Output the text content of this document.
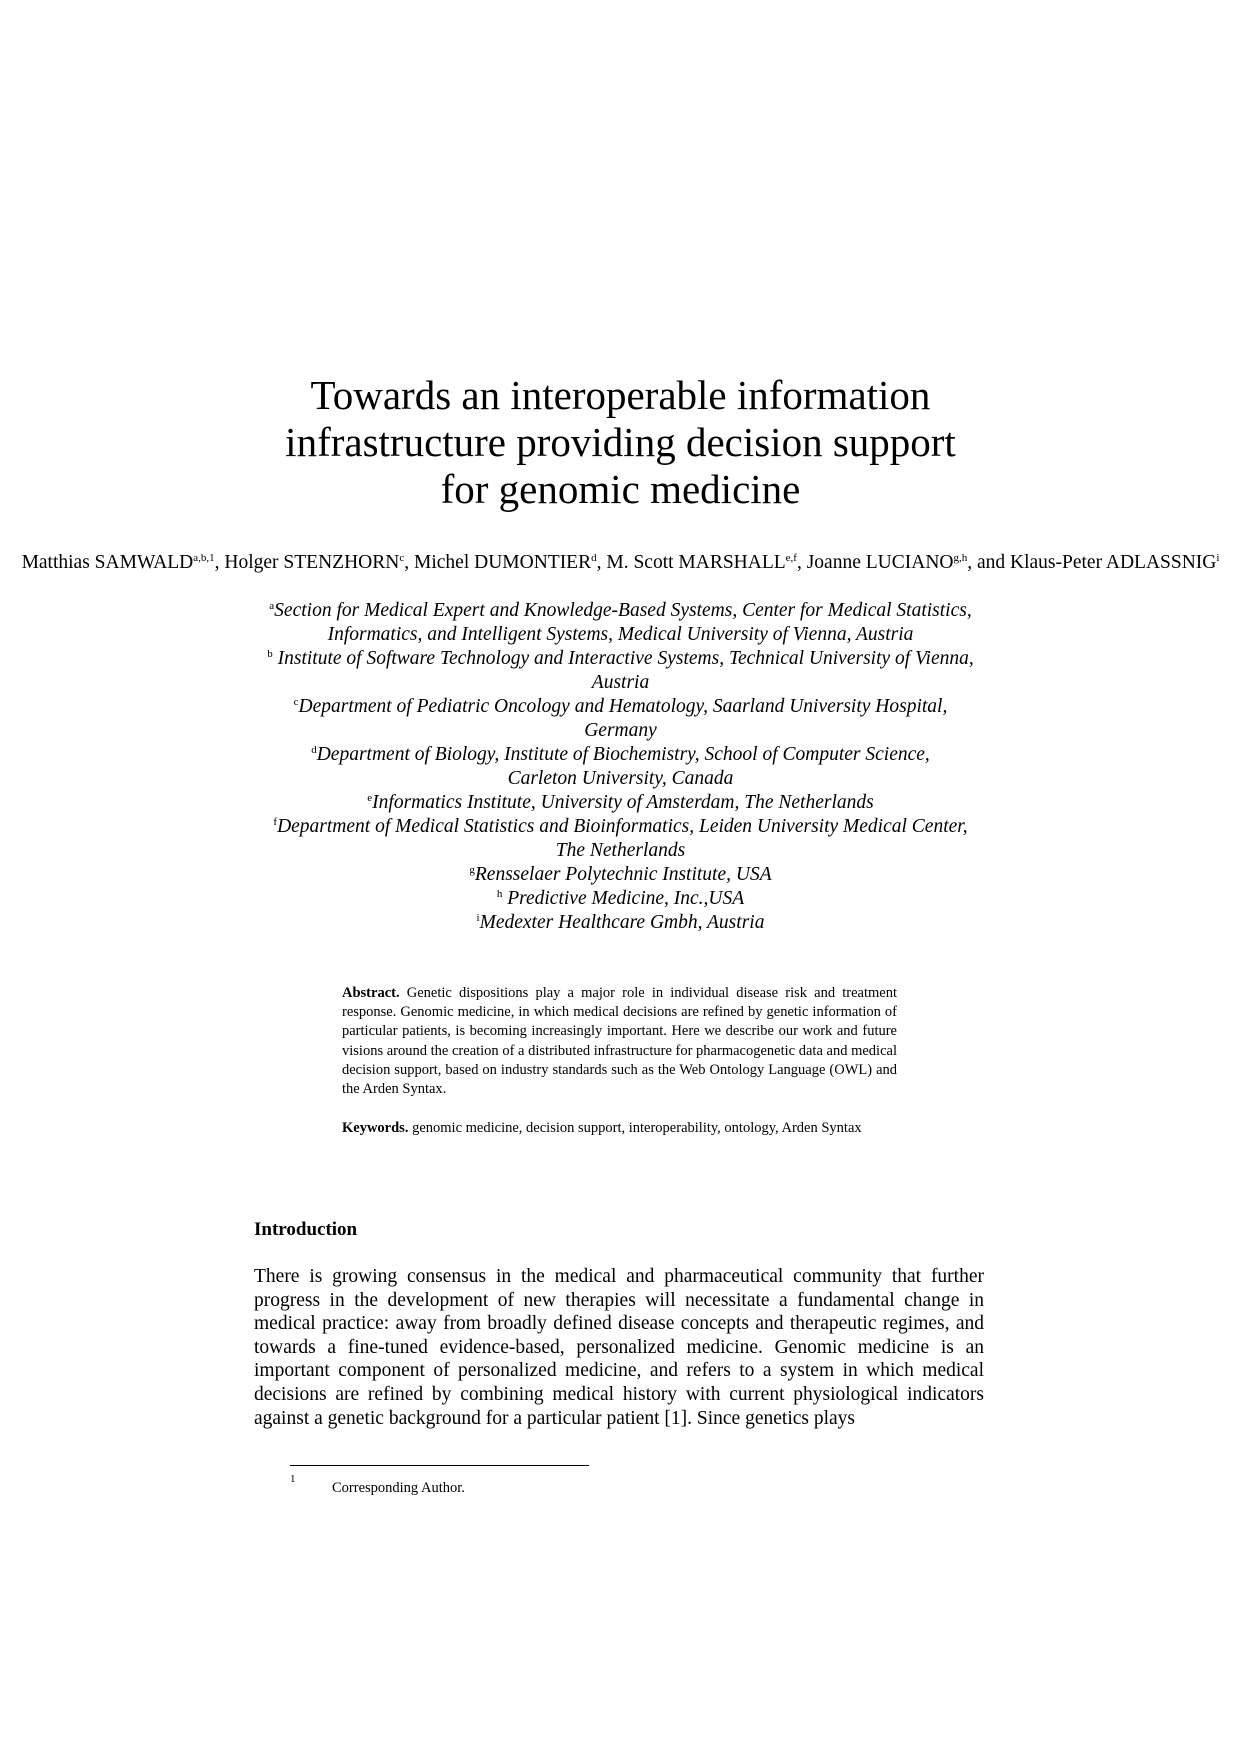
Towards an interoperable information
infrastructure providing decision support
for genomic medicine
Matthias SAMWALD$^{a,b,1}$, Holger STENZHORN$^c$, Michel DUMONTIER$^d$, M. Scott MARSHALL$^{e,f}$, Joanne LUCIANO$^{g,h}$, and Klaus-Peter ADLASSNIG$^i$
$^a$Section for Medical Expert and Knowledge-Based Systems, Center for Medical Statistics, Informatics, and Intelligent Systems, Medical University of Vienna, Austria
$^b$ Institute of Software Technology and Interactive Systems, Technical University of Vienna, Austria
$^c$Department of Pediatric Oncology and Hematology, Saarland University Hospital, Germany
$^d$Department of Biology, Institute of Biochemistry, School of Computer Science, Carleton University, Canada
$^e$Informatics Institute, University of Amsterdam, The Netherlands
$^f$Department of Medical Statistics and Bioinformatics, Leiden University Medical Center, The Netherlands
$^g$Rensselaer Polytechnic Institute, USA
$^h$ Predictive Medicine, Inc.,USA
$^i$Medexter Healthcare Gmbh, Austria

Abstract. Genetic dispositions play a major role in individual disease risk and treatment response. Genomic medicine, in which medical decisions are refined by genetic information of particular patients, is becoming increasingly important. Here we describe our work and future visions around the creation of a distributed infrastructure for pharmacogenetic data and medical decision support, based on industry standards such as the Web Ontology Language (OWL) and the Arden Syntax.

Keywords. genomic medicine, decision support, interoperability, ontology, Arden Syntax

Introduction

There is growing consensus in the medical and pharmaceutical community that further progress in the development of new therapies will necessitate a fundamental change in medical practice: away from broadly defined disease concepts and therapeutic regimes, and towards a fine-tuned evidence-based, personalized medicine. Genomic medicine is an important component of personalized medicine, and refers to a system in which medical decisions are refined by combining medical history with current physiological indicators against a genetic background for a particular patient [1]. Since genetics plays

1
Corresponding Author.
